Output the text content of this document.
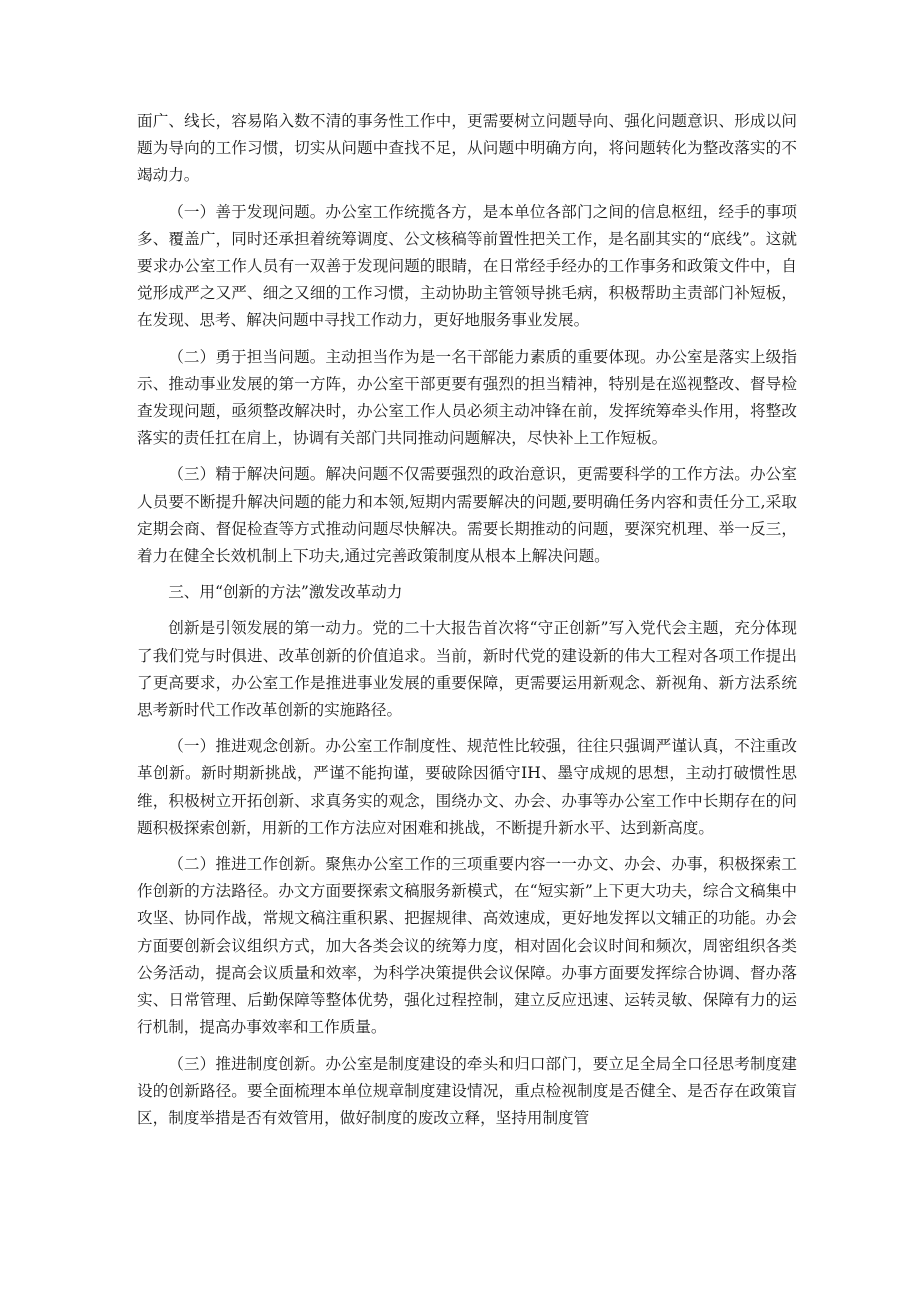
面广、线长，容易陷入数不清的事务性工作中，更需要树立问题导向、强化问题意识、形成以问题为导向的工作习惯，切实从问题中查找不足，从问题中明确方向，将问题转化为整改落实的不竭动力。

（一）善于发现问题。办公室工作统揽各方，是本单位各部门之间的信息枢纽，经手的事项多、覆盖广，同时还承担着统筹调度、公文核稿等前置性把关工作，是名副其实的“底线”。这就要求办公室工作人员有一双善于发现问题的眼睛，在日常经手经办的工作事务和政策文件中，自觉形成严之又严、细之又细的工作习惯，主动协助主管领导挑毛病，积极帮助主责部门补短板，在发现、思考、解决问题中寻找工作动力，更好地服务事业发展。

（二）勇于担当问题。主动担当作为是一名干部能力素质的重要体现。办公室是落实上级指示、推动事业发展的第一方阵，办公室干部更要有强烈的担当精神，特别是在巡视整改、督导检查发现问题，亟须整改解决时，办公室工作人员必须主动冲锋在前，发挥统筹牵头作用，将整改落实的责任扛在肩上，协调有关部门共同推动问题解决，尽快补上工作短板。

（三）精于解决问题。解决问题不仅需要强烈的政治意识，更需要科学的工作方法。办公室人员要不断提升解决问题的能力和本领,短期内需要解决的问题,要明确任务内容和责任分工,采取定期会商、督促检查等方式推动问题尽快解决。需要长期推动的问题，要深究机理、举一反三，着力在健全长效机制上下功夫,通过完善政策制度从根本上解决问题。

三、用“创新的方法”激发改革动力

创新是引领发展的第一动力。党的二十大报告首次将“守正创新”写入党代会主题，充分体现了我们党与时俱进、改革创新的价值追求。当前，新时代党的建设新的伟大工程对各项工作提出了更高要求，办公室工作是推进事业发展的重要保障，更需要运用新观念、新视角、新方法系统思考新时代工作改革创新的实施路径。

（一）推进观念创新。办公室工作制度性、规范性比较强，往往只强调严谨认真，不注重改革创新。新时期新挑战，严谨不能拘谨，要破除因循守IH、墨守成规的思想，主动打破惯性思维，积极树立开拓创新、求真务实的观念，围绕办文、办会、办事等办公室工作中长期存在的问题积极探索创新，用新的工作方法应对困难和挑战，不断提升新水平、达到新高度。

（二）推进工作创新。聚焦办公室工作的三项重要内容一一办文、办会、办事，积极探索工作创新的方法路径。办文方面要探索文稿服务新模式，在“短实新”上下更大功夫，综合文稿集中攻坚、协同作战，常规文稿注重积累、把握规律、高效速成，更好地发挥以文辅正的功能。办会方面要创新会议组织方式，加大各类会议的统筹力度，相对固化会议时间和频次，周密组织各类公务活动，提高会议质量和效率，为科学决策提供会议保障。办事方面要发挥综合协调、督办落实、日常管理、后勤保障等整体优势，强化过程控制，建立反应迅速、运转灵敏、保障有力的运行机制，提高办事效率和工作质量。

（三）推进制度创新。办公室是制度建设的牵头和归口部门，要立足全局全口径思考制度建设的创新路径。要全面梳理本单位规章制度建设情况，重点检视制度是否健全、是否存在政策盲区，制度举措是否有效管用，做好制度的废改立释，坚持用制度管
